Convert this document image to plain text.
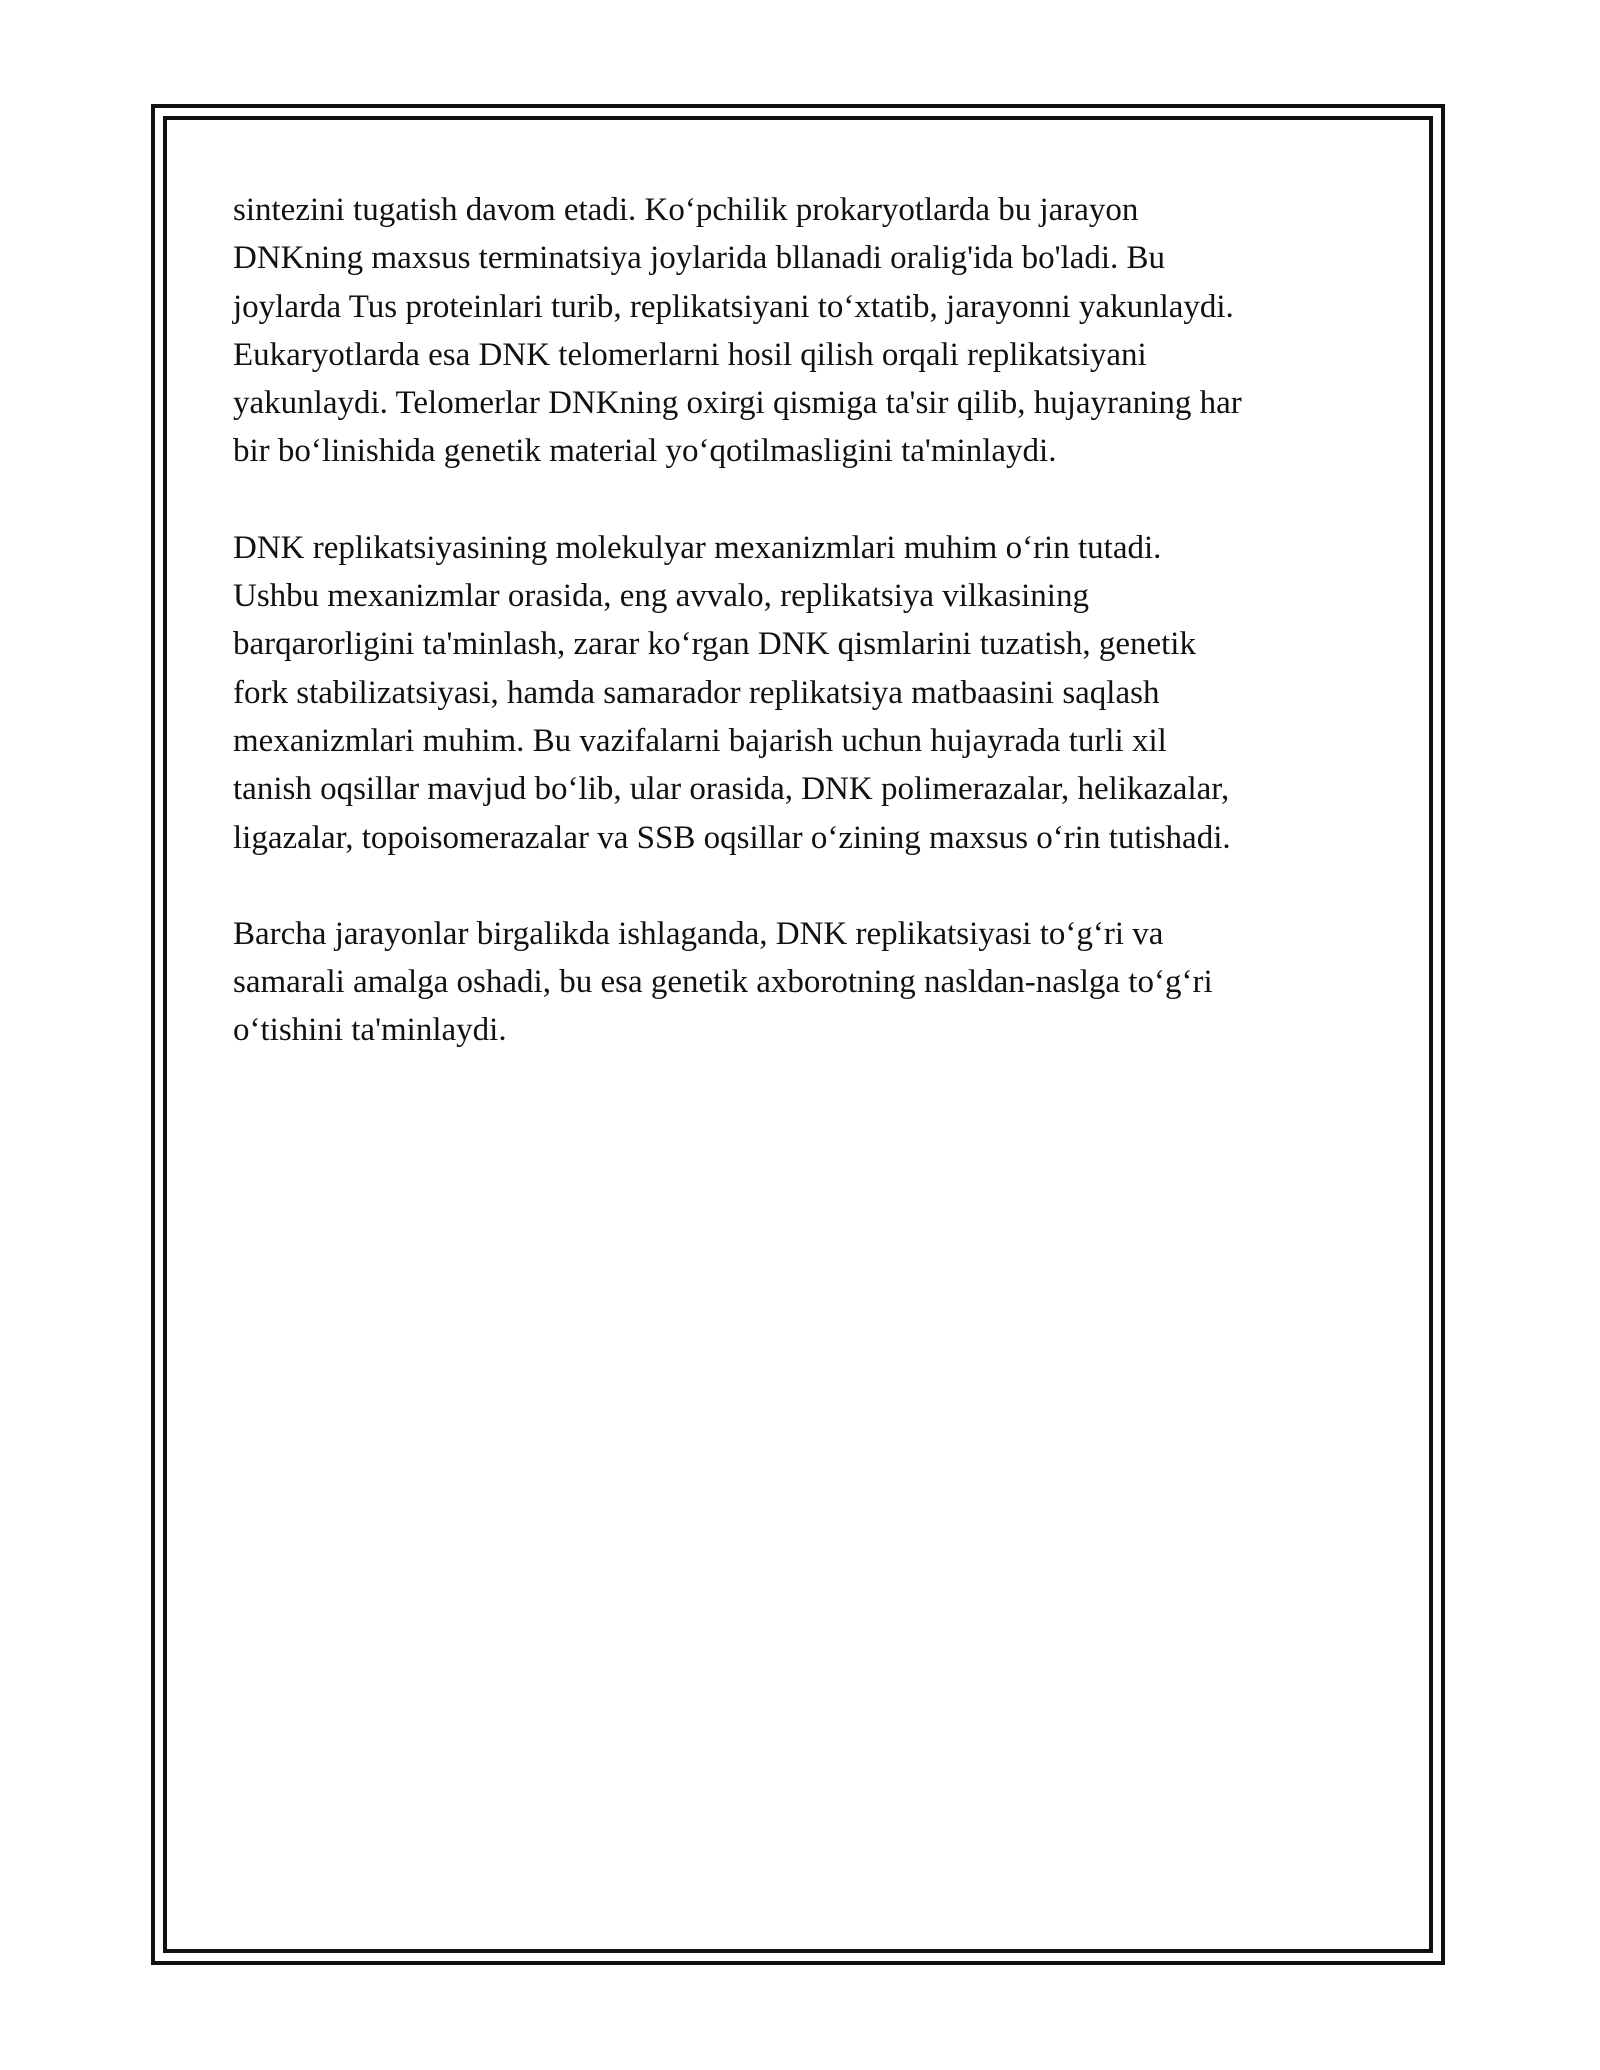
sintezini tugatish davom etadi. Koʻpchilik prokaryotlarda bu jarayon
DNKning maxsus terminatsiya joylarida bllanadi oralig'ida bo'ladi. Bu
joylarda Tus proteinlari turib, replikatsiyani toʻxtatib, jarayonni yakunlaydi.
Eukaryotlarda esa DNK telomerlarni hosil qilish orqali replikatsiyani
yakunlaydi. Telomerlar DNKning oxirgi qismiga ta'sir qilib, hujayraning har
bir boʻlinishida genetik material yoʻqotilmasligini ta'minlaydi.

DNK replikatsiyasining molekulyar mexanizmlari muhim oʻrin tutadi.
Ushbu mexanizmlar orasida, eng avvalo, replikatsiya vilkasining
barqarorligini ta'minlash, zarar koʻrgan DNK qismlarini tuzatish, genetik
fork stabilizatsiyasi, hamda samarador replikatsiya matbaasini saqlash
mexanizmlari muhim. Bu vazifalarni bajarish uchun hujayrada turli xil
tanish oqsillar mavjud boʻlib, ular orasida, DNK polimerazalar, helikazalar,
ligazalar, topoisomerazalar va SSB oqsillar oʻzining maxsus oʻrin tutishadi.

Barcha jarayonlar birgalikda ishlaganda, DNK replikatsiyasi toʻgʻri va
samarali amalga oshadi, bu esa genetik axborotning nasldan-naslga toʻgʻri
oʻtishini ta'minlaydi.
